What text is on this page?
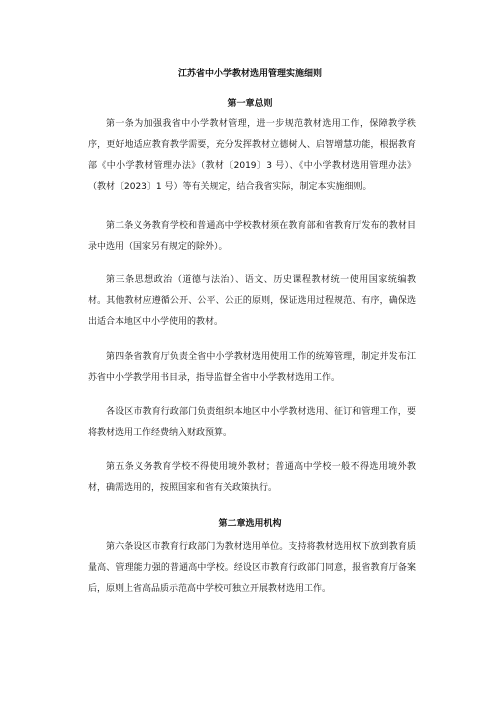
江苏省中小学教材选用管理实施细则
第一章总则

第一条为加强我省中小学教材管理，进一步规范教材选用工作，保障教学秩序，更好地适应教育教学需要，充分发挥教材立德树人、启智增慧功能，根据教育部《中小学教材管理办法》（教材〔2019〕3 号）、《中小学教材选用管理办法》（教材〔2023〕1 号）等有关规定，结合我省实际，制定本实施细则。

第二条义务教育学校和普通高中学校教材须在教育部和省教育厅发布的教材目录中选用（国家另有规定的除外）。

第三条思想政治（道德与法治）、语文、历史课程教材统一使用国家统编教材。其他教材应遵循公开、公平、公正的原则，保证选用过程规范、有序，确保选出适合本地区中小学使用的教材。

第四条省教育厅负责全省中小学教材选用使用工作的统筹管理，制定并发布江苏省中小学教学用书目录，指导监督全省中小学教材选用工作。

各设区市教育行政部门负责组织本地区中小学教材选用、征订和管理工作，要将教材选用工作经费纳入财政预算。

第五条义务教育学校不得使用境外教材；普通高中学校一般不得选用境外教材，确需选用的，按照国家和省有关政策执行。

第二章选用机构

第六条设区市教育行政部门为教材选用单位。支持将教材选用权下放到教育质量高、管理能力强的普通高中学校。经设区市教育行政部门同意，报省教育厅备案后，原则上省高品质示范高中学校可独立开展教材选用工作。
